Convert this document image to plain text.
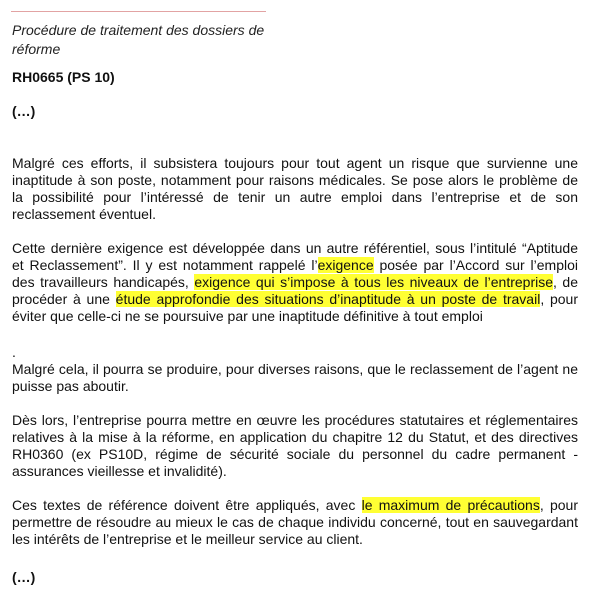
Procédure de traitement des dossiers de réforme
RH0665 (PS 10)
(…)

Malgré ces efforts, il subsistera toujours pour tout agent un risque que survienne une inaptitude à son poste, notamment pour raisons médicales. Se pose alors le problème de la possibilité pour l’intéressé de tenir un autre emploi dans l’entreprise et de son reclassement éventuel.

Cette dernière exigence est développée dans un autre référentiel, sous l’intitulé “Aptitude et Reclassement”. Il y est notamment rappelé l’exigence posée par l’Accord sur l’emploi des travailleurs handicapés, exigence qui s’impose à tous les niveaux de l’entreprise, de procéder à une étude approfondie des situations d’inaptitude à un poste de travail, pour éviter que celle-ci ne se poursuive par une inaptitude définitive à tout emploi

.

Malgré cela, il pourra se produire, pour diverses raisons, que le reclassement de l’agent ne puisse pas aboutir.

Dès lors, l’entreprise pourra mettre en œuvre les procédures statutaires et réglementaires relatives à la mise à la réforme, en application du chapitre 12 du Statut, et des directives RH0360 (ex PS10D, régime de sécurité sociale du personnel du cadre permanent - assurances vieillesse et invalidité).

Ces textes de référence doivent être appliqués, avec le maximum de précautions, pour permettre de résoudre au mieux le cas de chaque individu concerné, tout en sauvegardant les intérêts de l’entreprise et le meilleur service au client.

(…)
